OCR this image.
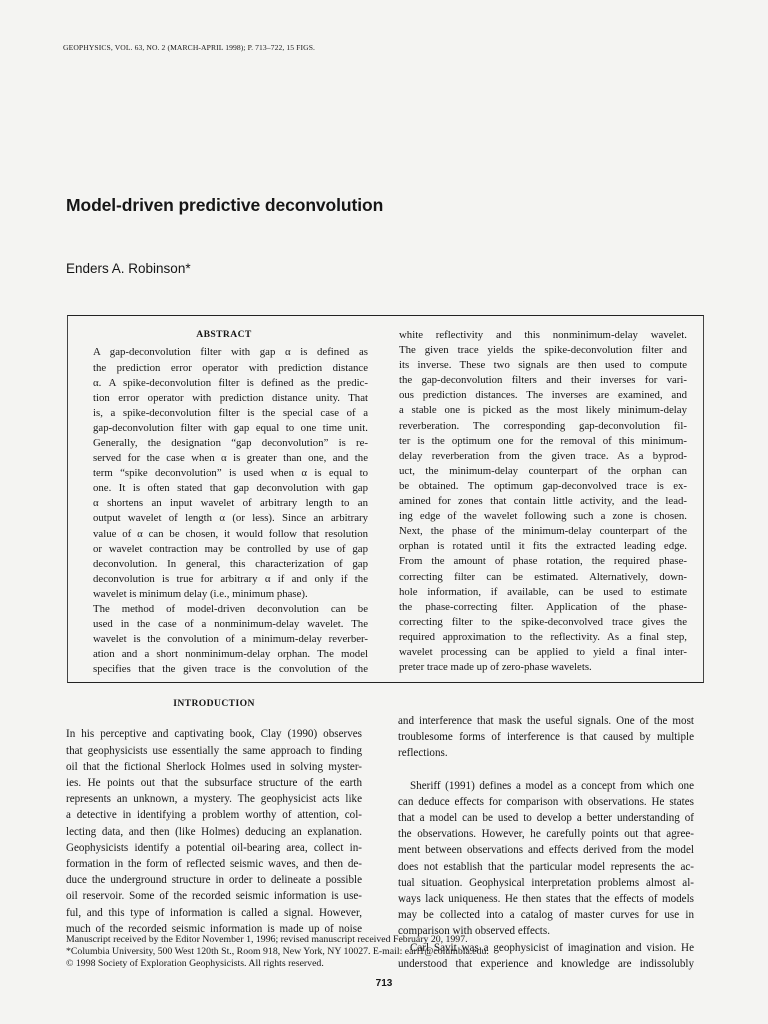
GEOPHYSICS, VOL. 63, NO. 2 (MARCH-APRIL 1998); P. 713–722, 15 FIGS.
Model-driven predictive deconvolution
Enders A. Robinson*
ABSTRACT

A gap-deconvolution filter with gap α is defined as
the prediction error operator with prediction distance
α. A spike-deconvolution filter is defined as the predic-
tion error operator with prediction distance unity. That
is, a spike-deconvolution filter is the special case of a
gap-deconvolution filter with gap equal to one time unit.
Generally, the designation “gap deconvolution” is re-
served for the case when α is greater than one, and the
term “spike deconvolution” is used when α is equal to
one. It is often stated that gap deconvolution with gap
α shortens an input wavelet of arbitrary length to an
output wavelet of length α (or less). Since an arbitrary
value of α can be chosen, it would follow that resolution
or wavelet contraction may be controlled by use of gap
deconvolution. In general, this characterization of gap
deconvolution is true for arbitrary α if and only if the
wavelet is minimum delay (i.e., minimum phase).

The method of model-driven deconvolution can be
used in the case of a nonminimum-delay wavelet. The
wavelet is the convolution of a minimum-delay reverber-
ation and a short nonminimum-delay orphan. The model
specifies that the given trace is the convolution of the

white reflectivity and this nonminimum-delay wavelet.
The given trace yields the spike-deconvolution filter and
its inverse. These two signals are then used to compute
the gap-deconvolution filters and their inverses for vari-
ous prediction distances. The inverses are examined, and
a stable one is picked as the most likely minimum-delay
reverberation. The corresponding gap-deconvolution fil-
ter is the optimum one for the removal of this minimum-
delay reverberation from the given trace. As a byprod-
uct, the minimum-delay counterpart of the orphan can
be obtained. The optimum gap-deconvolved trace is ex-
amined for zones that contain little activity, and the lead-
ing edge of the wavelet following such a zone is chosen.
Next, the phase of the minimum-delay counterpart of the
orphan is rotated until it fits the extracted leading edge.
From the amount of phase rotation, the required phase-
correcting filter can be estimated. Alternatively, down-
hole information, if available, can be used to estimate
the phase-correcting filter. Application of the phase-
correcting filter to the spike-deconvolved trace gives the
required approximation to the reflectivity. As a final step,
wavelet processing can be applied to yield a final inter-
preter trace made up of zero-phase wavelets.

INTRODUCTION

In his perceptive and captivating book, Clay (1990) observes
that geophysicists use essentially the same approach to finding
oil that the fictional Sherlock Holmes used in solving myster-
ies. He points out that the subsurface structure of the earth
represents an unknown, a mystery. The geophysicist acts like
a detective in identifying a problem worthy of attention, col-
lecting data, and then (like Holmes) deducing an explanation.
Geophysicists identify a potential oil-bearing area, collect in-
formation in the form of reflected seismic waves, and then de-
duce the underground structure in order to delineate a possible
oil reservoir. Some of the recorded seismic information is use-
ful, and this type of information is called a signal. However,
much of the recorded seismic information is made up of noise

and interference that mask the useful signals. One of the most
troublesome forms of interference is that caused by multiple
reflections.

Sheriff (1991) defines a model as a concept from which one
can deduce effects for comparison with observations. He states
that a model can be used to develop a better understanding of
the observations. However, he carefully points out that agree-
ment between observations and effects derived from the model
does not establish that the particular model represents the ac-
tual situation. Geophysical interpretation problems almost al-
ways lack uniqueness. He then states that the effects of models
may be collected into a catalog of master curves for use in
comparison with observed effects.

Carl Savit was a geophysicist of imagination and vision. He
understood that experience and knowledge are indissolubly

Manuscript received by the Editor November 1, 1996; revised manuscript received February 20, 1997.
*Columbia University, 500 West 120th St., Room 918, New York, NY 10027. E-mail: earl1@columbia.edu.
© 1998 Society of Exploration Geophysicists. All rights reserved.
713
